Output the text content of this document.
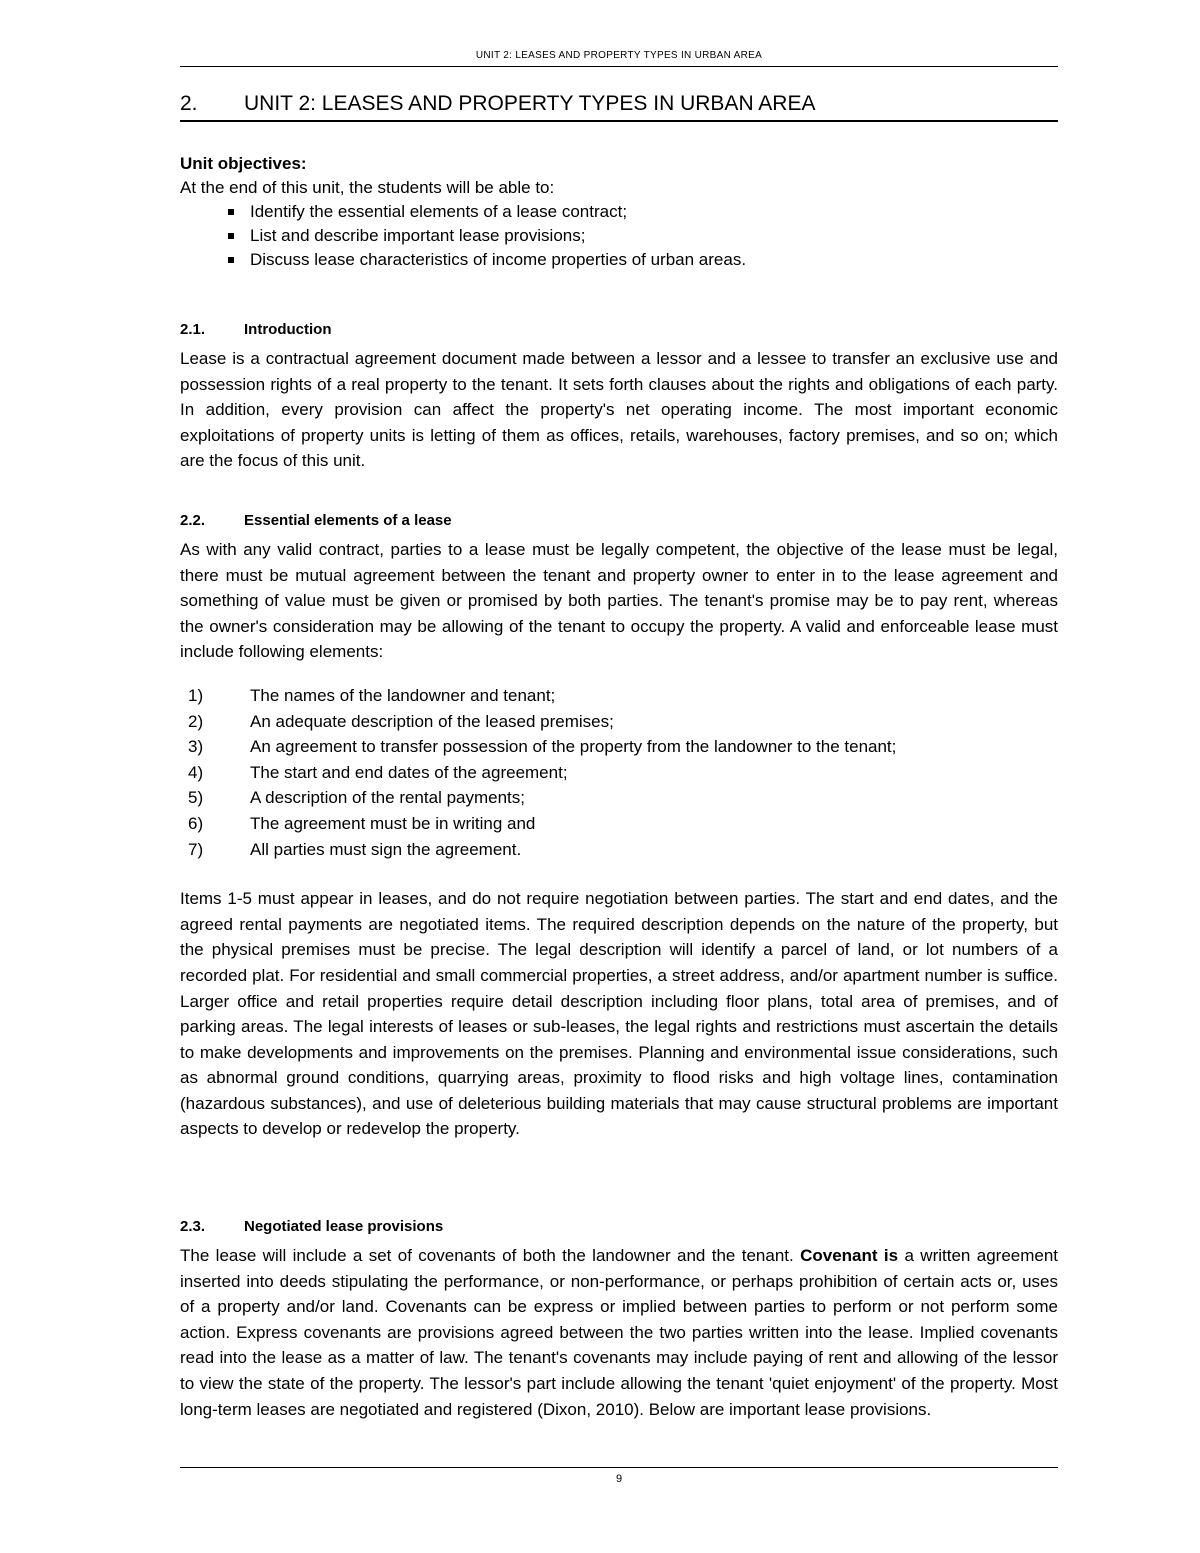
UNIT 2: LEASES AND PROPERTY TYPES IN URBAN AREA
2. UNIT 2: LEASES AND PROPERTY TYPES IN URBAN AREA
Unit objectives:
At the end of this unit, the students will be able to:
Identify the essential elements of a lease contract;
List and describe important lease provisions;
Discuss lease characteristics of income properties of urban areas.
2.1.	Introduction
Lease is a contractual agreement document made between a lessor and a lessee to transfer an exclusive use and possession rights of a real property to the tenant. It sets forth clauses about the rights and obligations of each party. In addition, every provision can affect the property's net operating income. The most important economic exploitations of property units is letting of them as offices, retails, warehouses, factory premises, and so on; which are the focus of this unit.
2.2.	Essential elements of a lease
As with any valid contract, parties to a lease must be legally competent, the objective of the lease must be legal, there must be mutual agreement between the tenant and property owner to enter in to the lease agreement and something of value must be given or promised by both parties. The tenant's promise may be to pay rent, whereas the owner's consideration may be allowing of the tenant to occupy the property. A valid and enforceable lease must include following elements:
1)	The names of the landowner and tenant;
2)	An adequate description of the leased premises;
3)	An agreement to transfer possession of the property from the landowner to the tenant;
4)	The start and end dates of the agreement;
5)	A description of the rental payments;
6)	The agreement must be in writing and
7)	All parties must sign the agreement.
Items 1-5 must appear in leases, and do not require negotiation between parties. The start and end dates, and the agreed rental payments are negotiated items. The required description depends on the nature of the property, but the physical premises must be precise. The legal description will identify a parcel of land, or lot numbers of a recorded plat. For residential and small commercial properties, a street address, and/or apartment number is suffice. Larger office and retail properties require detail description including floor plans, total area of premises, and of parking areas. The legal interests of leases or sub-leases, the legal rights and restrictions must ascertain the details to make developments and improvements on the premises. Planning and environmental issue considerations, such as abnormal ground conditions, quarrying areas, proximity to flood risks and high voltage lines, contamination (hazardous substances), and use of deleterious building materials that may cause structural problems are important aspects to develop or redevelop the property.
2.3.	Negotiated lease provisions
The lease will include a set of covenants of both the landowner and the tenant. Covenant is a written agreement inserted into deeds stipulating the performance, or non-performance, or perhaps prohibition of certain acts or, uses of a property and/or land. Covenants can be express or implied between parties to perform or not perform some action. Express covenants are provisions agreed between the two parties written into the lease. Implied covenants read into the lease as a matter of law. The tenant's covenants may include paying of rent and allowing of the lessor to view the state of the property. The lessor's part include allowing the tenant 'quiet enjoyment' of the property. Most long-term leases are negotiated and registered (Dixon, 2010). Below are important lease provisions.
9
